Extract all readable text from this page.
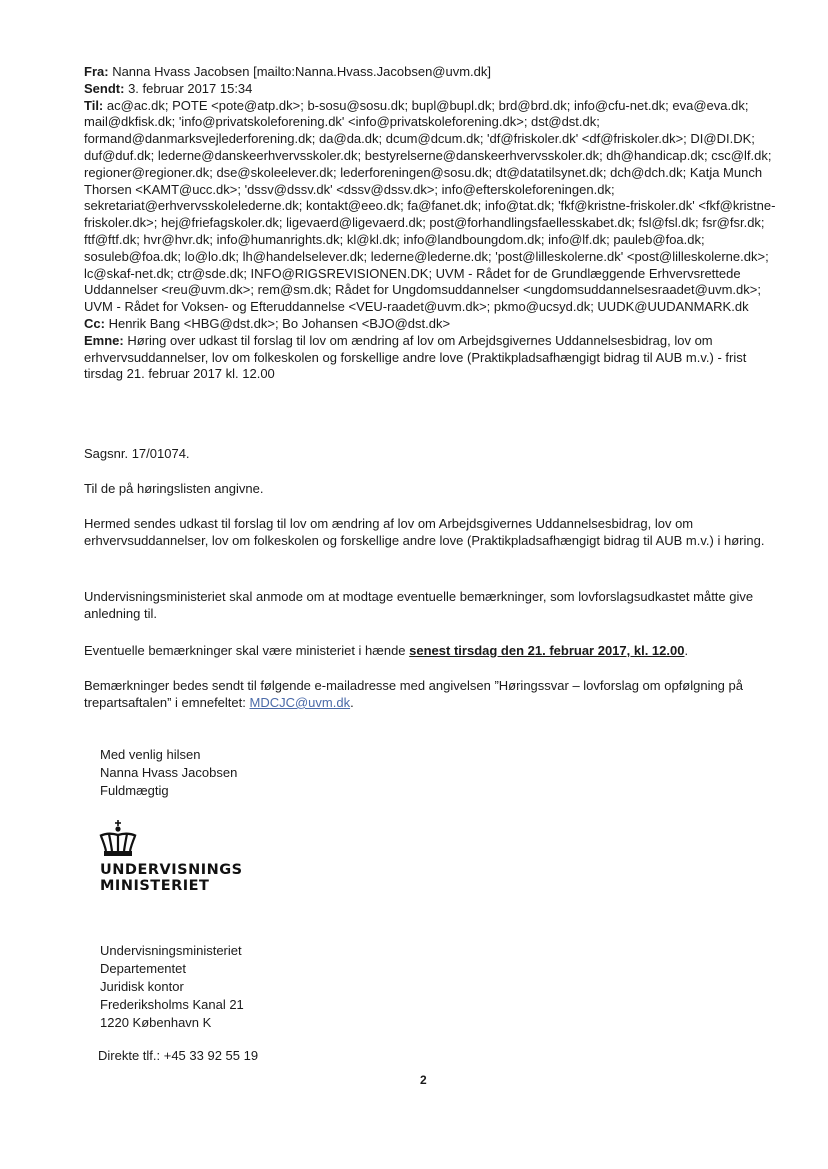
Fra: Nanna Hvass Jacobsen [mailto:Nanna.Hvass.Jacobsen@uvm.dk]

Sendt: 3. februar 2017 15:34

Til: ac@ac.dk; POTE <pote@atp.dk>; b-sosu@sosu.dk; bupl@bupl.dk; brd@brd.dk; info@cfu-net.dk; eva@eva.dk; mail@dkfisk.dk; 'info@privatskoleforening.dk' <info@privatskoleforening.dk>; dst@dst.dk; formand@danmarksvejlederforening.dk; da@da.dk; dcum@dcum.dk; 'df@friskoler.dk' <df@friskoler.dk>; DI@DI.DK; duf@duf.dk; lederne@danskeerhvervsskoler.dk; bestyrelserne@danskeerhvervsskoler.dk; dh@handicap.dk; csc@lf.dk; regioner@regioner.dk; dse@skoleelever.dk; lederforeningen@sosu.dk; dt@datatilsynet.dk; dch@dch.dk; Katja Munch Thorsen <KAMT@ucc.dk>; 'dssv@dssv.dk' <dssv@dssv.dk>; info@efterskoleforeningen.dk; sekretariat@erhvervsskolelederne.dk; kontakt@eeo.dk; fa@fanet.dk; info@tat.dk; 'fkf@kristne-friskoler.dk' <fkf@kristne-friskoler.dk>; hej@friefagskoler.dk; ligevaerd@ligevaerd.dk; post@forhandlingsfaellesskabet.dk; fsl@fsl.dk; fsr@fsr.dk; ftf@ftf.dk; hvr@hvr.dk; info@humanrights.dk; kl@kl.dk; info@landboungdom.dk; info@lf.dk; pauleb@foa.dk; sosuleb@foa.dk; lo@lo.dk; lh@handelselever.dk; lederne@lederne.dk; 'post@lilleskolerne.dk' <post@lilleskolerne.dk>; lc@skaf-net.dk; ctr@sde.dk; INFO@RIGSREVISIONEN.DK; UVM - Rådet for de Grundlæggende Erhvervsrettede Uddannelser <reu@uvm.dk>; rem@sm.dk; Rådet for Ungdomsuddannelser <ungdomsuddannelsesraadet@uvm.dk>; UVM - Rådet for Voksen- og Efteruddannelse <VEU-raadet@uvm.dk>; pkmo@ucsyd.dk; UUDK@UUDANMARK.dk

Cc: Henrik Bang <HBG@dst.dk>; Bo Johansen <BJO@dst.dk>

Emne: Høring over udkast til forslag til lov om ændring af lov om Arbejdsgivernes Uddannelsesbidrag, lov om erhvervsuddannelser, lov om folkeskolen og forskellige andre love (Praktikpladsafhængigt bidrag til AUB m.v.) - frist tirsdag 21. februar 2017 kl. 12.00

Sagsnr. 17/01074.

Til de på høringslisten angivne.

Hermed sendes udkast til forslag til lov om ændring af lov om Arbejdsgivernes Uddannelsesbidrag, lov om erhvervsuddannelser, lov om folkeskolen og forskellige andre love (Praktikpladsafhængigt bidrag til AUB m.v.) i høring.

Undervisningsministeriet skal anmode om at modtage eventuelle bemærkninger, som lovforslagsudkastet måtte give anledning til.

Eventuelle bemærkninger skal være ministeriet i hænde senest tirsdag den 21. februar 2017, kl. 12.00.

Bemærkninger bedes sendt til følgende e-mailadresse med angivelsen ”Høringssvar – lovforslag om opfølgning på trepartsaftalen” i emnefeltet: MDCJC@uvm.dk.

Med venlig hilsen

Nanna Hvass Jacobsen

Fuldmægtig

UNDERVISNINGS
MINISTERIET

Undervisningsministeriet

Departementet

Juridisk kontor

Frederiksholms Kanal 21

1220 København K

Direkte tlf.: +45 33 92 55 19
2
